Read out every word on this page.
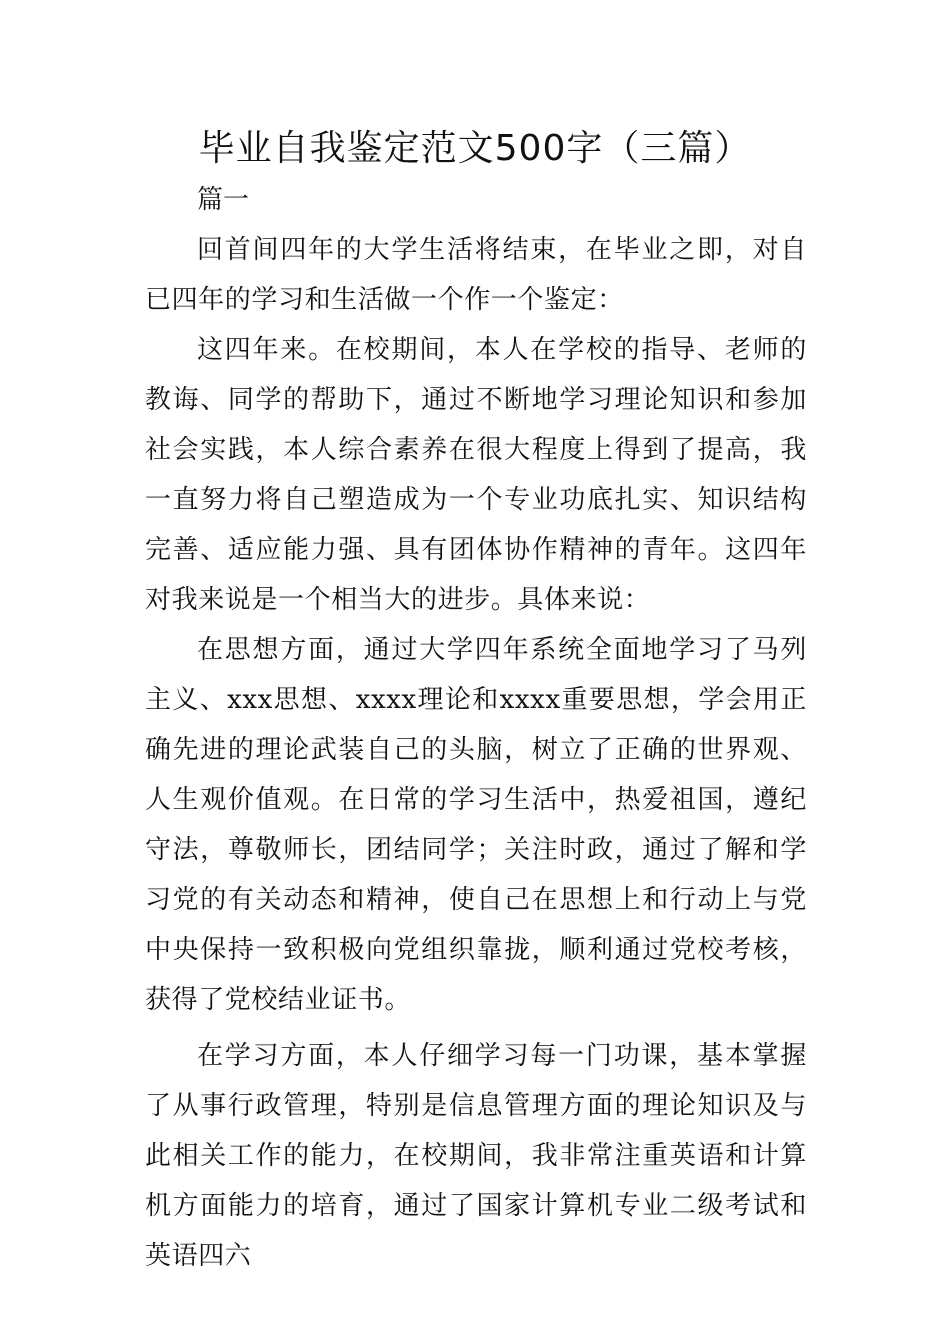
毕业自我鉴定范文500字（三篇）
篇一

回首间四年的大学生活将结束，在毕业之即，对自已四年的学习和生活做一个作一个鉴定：

这四年来。在校期间，本人在学校的指导、老师的教诲、同学的帮助下，通过不断地学习理论知识和参加社会实践，本人综合素养在很大程度上得到了提高，我一直努力将自己塑造成为一个专业功底扎实、知识结构完善、适应能力强、具有团体协作精神的青年。这四年对我来说是一个相当大的进步。具体来说：

在思想方面，通过大学四年系统全面地学习了马列主义、xxx思想、xxxx理论和xxxx重要思想，学会用正确先进的理论武装自己的头脑，树立了正确的世界观、人生观价值观。在日常的学习生活中，热爱祖国，遵纪守法，尊敬师长，团结同学；关注时政，通过了解和学习党的有关动态和精神，使自己在思想上和行动上与党中央保持一致积极向党组织靠拢，顺利通过党校考核，获得了党校结业证书。

在学习方面，本人仔细学习每一门功课，基本掌握了从事行政管理，特别是信息管理方面的理论知识及与此相关工作的能力，在校期间，我非常注重英语和计算机方面能力的培育，通过了国家计算机专业二级考试和英语四六
